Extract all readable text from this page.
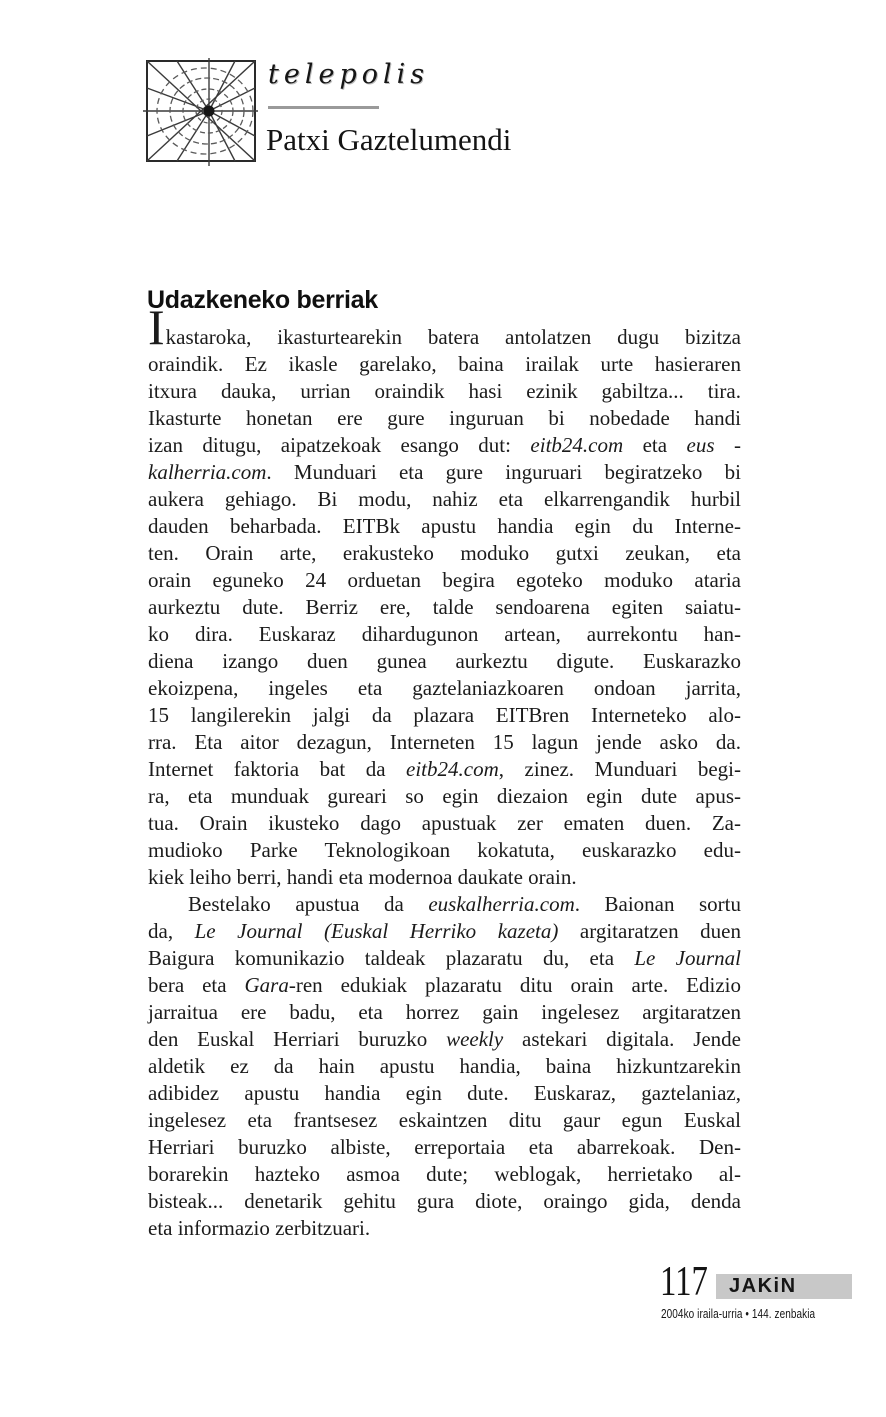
telepolis
Patxi Gaztelumendi
Udazkeneko berriak
Ikastaroka, ikasturtearekin batera antolatzen dugu bizitza
oraindik. Ez ikasle garelako, baina irailak urte hasieraren
itxura dauka, urrian oraindik hasi ezinik gabiltza... tira.
Ikasturte honetan ere gure inguruan bi nobedade handi
izan ditugu, aipatzekoak esango dut: eitb24.com eta eus -
kalherria.com. Munduari eta gure inguruari begiratzeko bi
aukera gehiago. Bi modu, nahiz eta elkarrengandik hurbil
dauden beharbada. EITBk apustu handia egin du Interne-
ten. Orain arte, erakusteko moduko gutxi zeukan, eta
orain eguneko 24 orduetan begira egoteko moduko ataria
aurkeztu dute. Berriz ere, talde sendoarena egiten saiatu-
ko dira. Euskaraz dihardugunon artean, aurrekontu han-
diena izango duen gunea aurkeztu digute. Euskarazko
ekoizpena, ingeles eta gaztelaniazkoaren ondoan jarrita,
15 langilerekin jalgi da plazara EITBren Interneteko alo-
rra. Eta aitor dezagun, Interneten 15 lagun jende asko da.
Internet faktoria bat da eitb24.com, zinez. Munduari begi-
ra, eta munduak gureari so egin diezaion egin dute apus-
tua. Orain ikusteko dago apustuak zer ematen duen. Za-
mudioko Parke Teknologikoan kokatuta, euskarazko edu-
kiek leiho berri, handi eta modernoa daukate orain.
Bestelako apustua da euskalherria.com. Baionan sortu
da, Le Journal (Euskal Herriko kazeta) argitaratzen duen
Baigura komunikazio taldeak plazaratu du, eta Le Journal
bera eta Gara-ren edukiak plazaratu ditu orain arte. Edizio
jarraitua ere badu, eta horrez gain ingelesez argitaratzen
den Euskal Herriari buruzko weekly astekari digitala. Jende
aldetik ez da hain apustu handia, baina hizkuntzarekin
adibidez apustu handia egin dute. Euskaraz, gaztelaniaz,
ingelesez eta frantsesez eskaintzen ditu gaur egun Euskal
Herriari buruzko albiste, erreportaia eta abarrekoak. Den-
borarekin hazteko asmoa dute; weblogak, herrietako al-
bisteak... denetarik gehitu gura diote, oraingo gida, denda
eta informazio zerbitzuari.
117	JAKiN
2004ko iraila-urria • 144. zenbakia
